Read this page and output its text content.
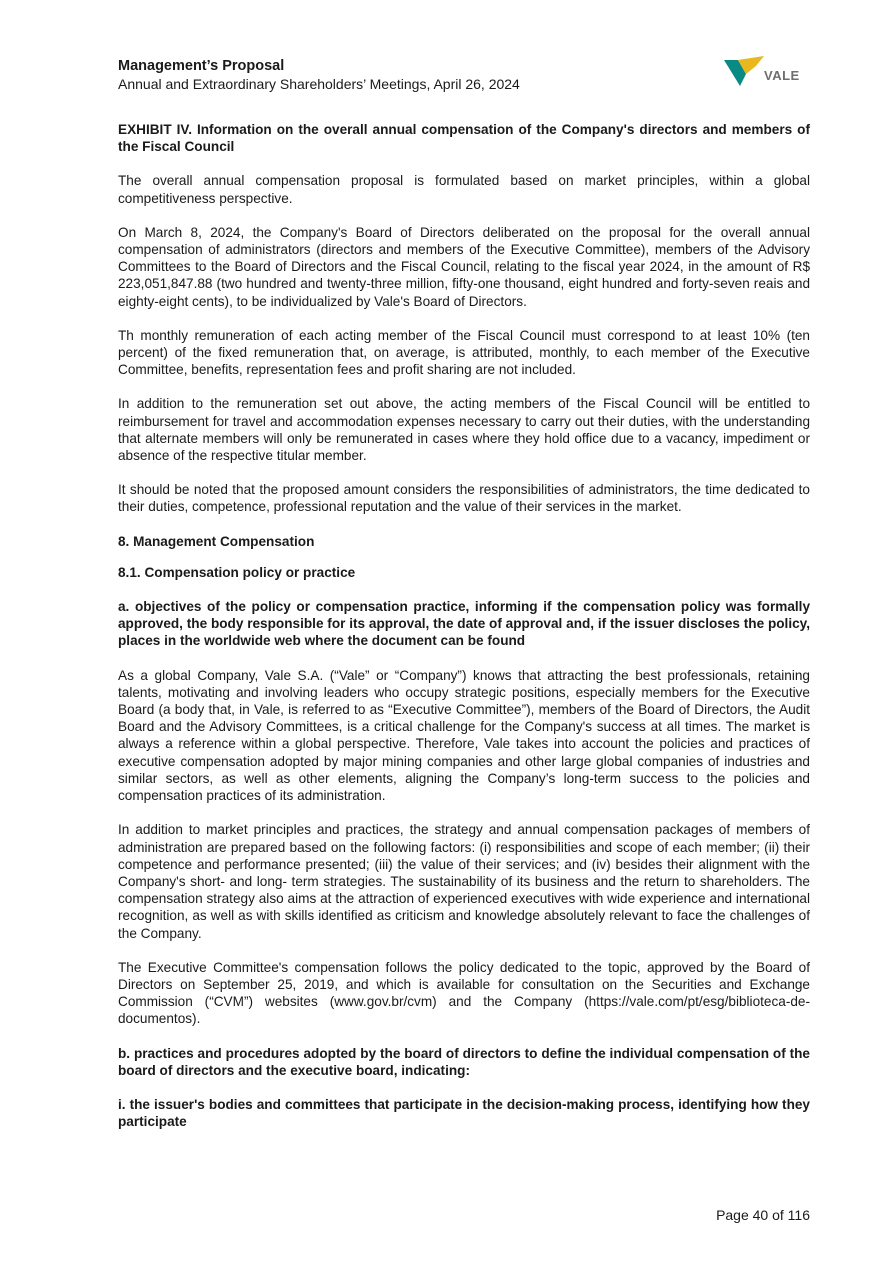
Management’s Proposal
Annual and Extraordinary Shareholders’ Meetings, April 26, 2024
VALE

EXHIBIT IV. Information on the overall annual compensation of the Company's directors and members of the Fiscal Council

The overall annual compensation proposal is formulated based on market principles, within a global competitiveness perspective.

On March 8, 2024, the Company's Board of Directors deliberated on the proposal for the overall annual compensation of administrators (directors and members of the Executive Committee), members of the Advisory Committees to the Board of Directors and the Fiscal Council, relating to the fiscal year 2024, in the amount of R$ 223,051,847.88 (two hundred and twenty-three million, fifty-one thousand, eight hundred and forty-seven reais and eighty-eight cents), to be individualized by Vale's Board of Directors.

Th monthly remuneration of each acting member of the Fiscal Council must correspond to at least 10% (ten percent) of the fixed remuneration that, on average, is attributed, monthly, to each member of the Executive Committee, benefits, representation fees and profit sharing are not included.

In addition to the remuneration set out above, the acting members of the Fiscal Council will be entitled to reimbursement for travel and accommodation expenses necessary to carry out their duties, with the understanding that alternate members will only be remunerated in cases where they hold office due to a vacancy, impediment or absence of the respective titular member.

It should be noted that the proposed amount considers the responsibilities of administrators, the time dedicated to their duties, competence, professional reputation and the value of their services in the market.

8. Management Compensation

8.1. Compensation policy or practice

a. objectives of the policy or compensation practice, informing if the compensation policy was formally approved, the body responsible for its approval, the date of approval and, if the issuer discloses the policy, places in the worldwide web where the document can be found

As a global Company, Vale S.A. (“Vale” or “Company”) knows that attracting the best professionals, retaining talents, motivating and involving leaders who occupy strategic positions, especially members for the Executive Board (a body that, in Vale, is referred to as “Executive Committee”), members of the Board of Directors, the Audit Board and the Advisory Committees, is a critical challenge for the Company's success at all times. The market is always a reference within a global perspective. Therefore, Vale takes into account the policies and practices of executive compensation adopted by major mining companies and other large global companies of industries and similar sectors, as well as other elements, aligning the Company’s long-term success to the policies and compensation practices of its administration.

In addition to market principles and practices, the strategy and annual compensation packages of members of administration are prepared based on the following factors: (i) responsibilities and scope of each member; (ii) their competence and performance presented; (iii) the value of their services; and (iv) besides their alignment with the Company's short- and long- term strategies. The sustainability of its business and the return to shareholders. The compensation strategy also aims at the attraction of experienced executives with wide experience and international recognition, as well as with skills identified as criticism and knowledge absolutely relevant to face the challenges of the Company.

The Executive Committee's compensation follows the policy dedicated to the topic, approved by the Board of Directors on September 25, 2019, and which is available for consultation on the Securities and Exchange Commission (“CVM”) websites (www.gov.br/cvm) and the Company (https://vale.com/pt/esg/biblioteca-de-documentos).

b. practices and procedures adopted by the board of directors to define the individual compensation of the board of directors and the executive board, indicating:

i. the issuer's bodies and committees that participate in the decision-making process, identifying how they participate

Page 40 of 116
